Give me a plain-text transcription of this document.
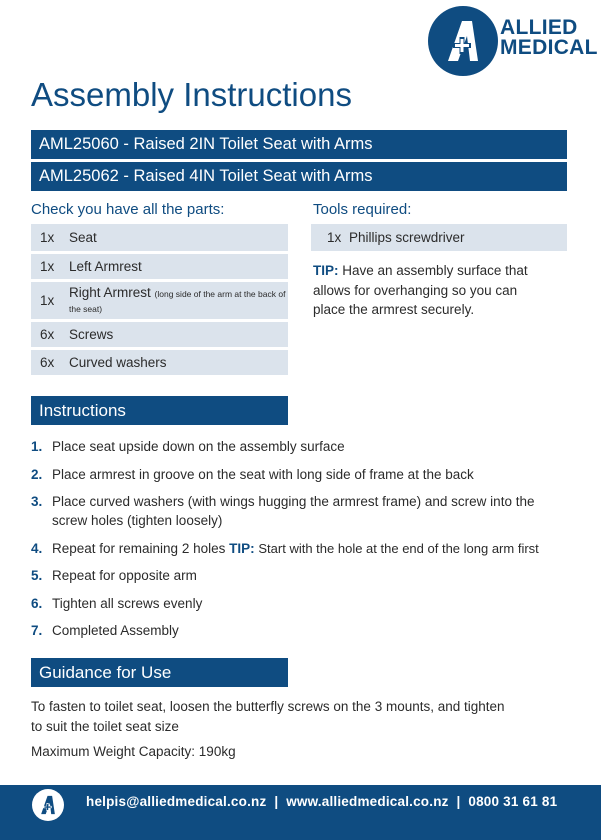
ALLIED
MEDICAL
Assembly Instructions
AML25060 - Raised 2IN Toilet Seat with Arms
AML25062 - Raised 4IN Toilet Seat with Arms
Check you have all the parts:	Tools required:
1x	Seat
1x	Left Armrest
1x	Right Armrest (long side of the arm at the back of the seat)
6x	Screws
6x	Curved washers
1x	Phillips screwdriver
TIP: Have an assembly surface that allows for overhanging so you can place the armrest securely.
Instructions
1. Place seat upside down on the assembly surface
2. Place armrest in groove on the seat with long side of frame at the back
3. Place curved washers (with wings hugging the armrest frame) and screw into the screw holes (tighten loosely)
4. Repeat for remaining 2 holes TIP: Start with the hole at the end of the long arm first
5. Repeat for opposite arm
6. Tighten all screws evenly
7. Completed Assembly
Guidance for Use
To fasten to toilet seat, loosen the butterfly screws on the 3 mounts, and tighten to suit the toilet seat size
Maximum Weight Capacity: 190kg
helpis@alliedmedical.co.nz  |  www.alliedmedical.co.nz  |  0800 31 61 81
